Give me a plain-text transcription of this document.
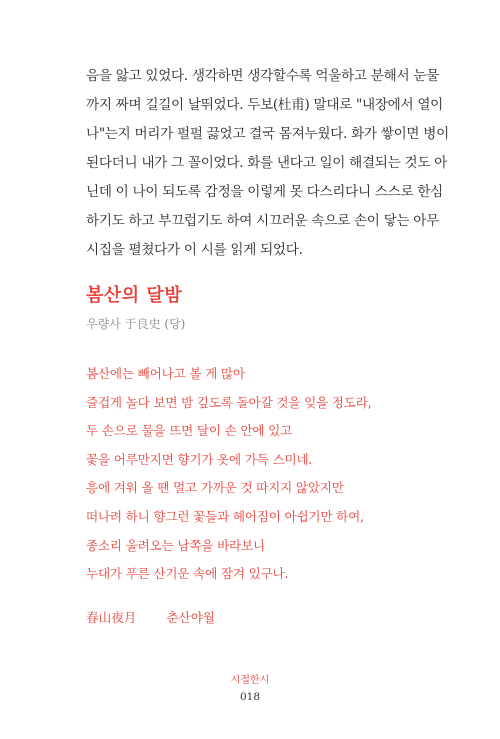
음을 앓고 있었다. 생각하면 생각할수록 억울하고 분해서 눈물
까지 짜며 길길이 날뛰었다. 두보(杜甫) 말대로 "내장에서 열이
나"는지 머리가 펄펄 끓었고 결국 몸져누웠다. 화가 쌓이면 병이
된다더니 내가 그 꼴이었다. 화를 낸다고 일이 해결되는 것도 아
닌데 이 나이 되도록 감정을 이렇게 못 다스리다니 스스로 한심
하기도 하고 부끄럽기도 하여 시끄러운 속으로 손이 닿는 아무
시집을 펼쳤다가 이 시를 읽게 되었다.
봄산의 달밤
우량사 于良史 (당)
봄산에는 빼어나고 볼 게 많아
즐겁게 놀다 보면 밤 깊도록 돌아갈 것을 잊을 정도라,
두 손으로 물을 뜨면 달이 손 안에 있고
꽃을 어루만지면 향기가 옷에 가득 스미네.
흥에 겨워 올 땐 멀고 가까운 것 따지지 않았지만
떠나려 하니 향그런 꽃들과 헤어짐이 아쉽기만 하여,
종소리 울려오는 남쪽을 바라보니
누대가 푸른 산기운 속에 잠겨 있구나.
春山夜月 춘산야월
시절한시
018
